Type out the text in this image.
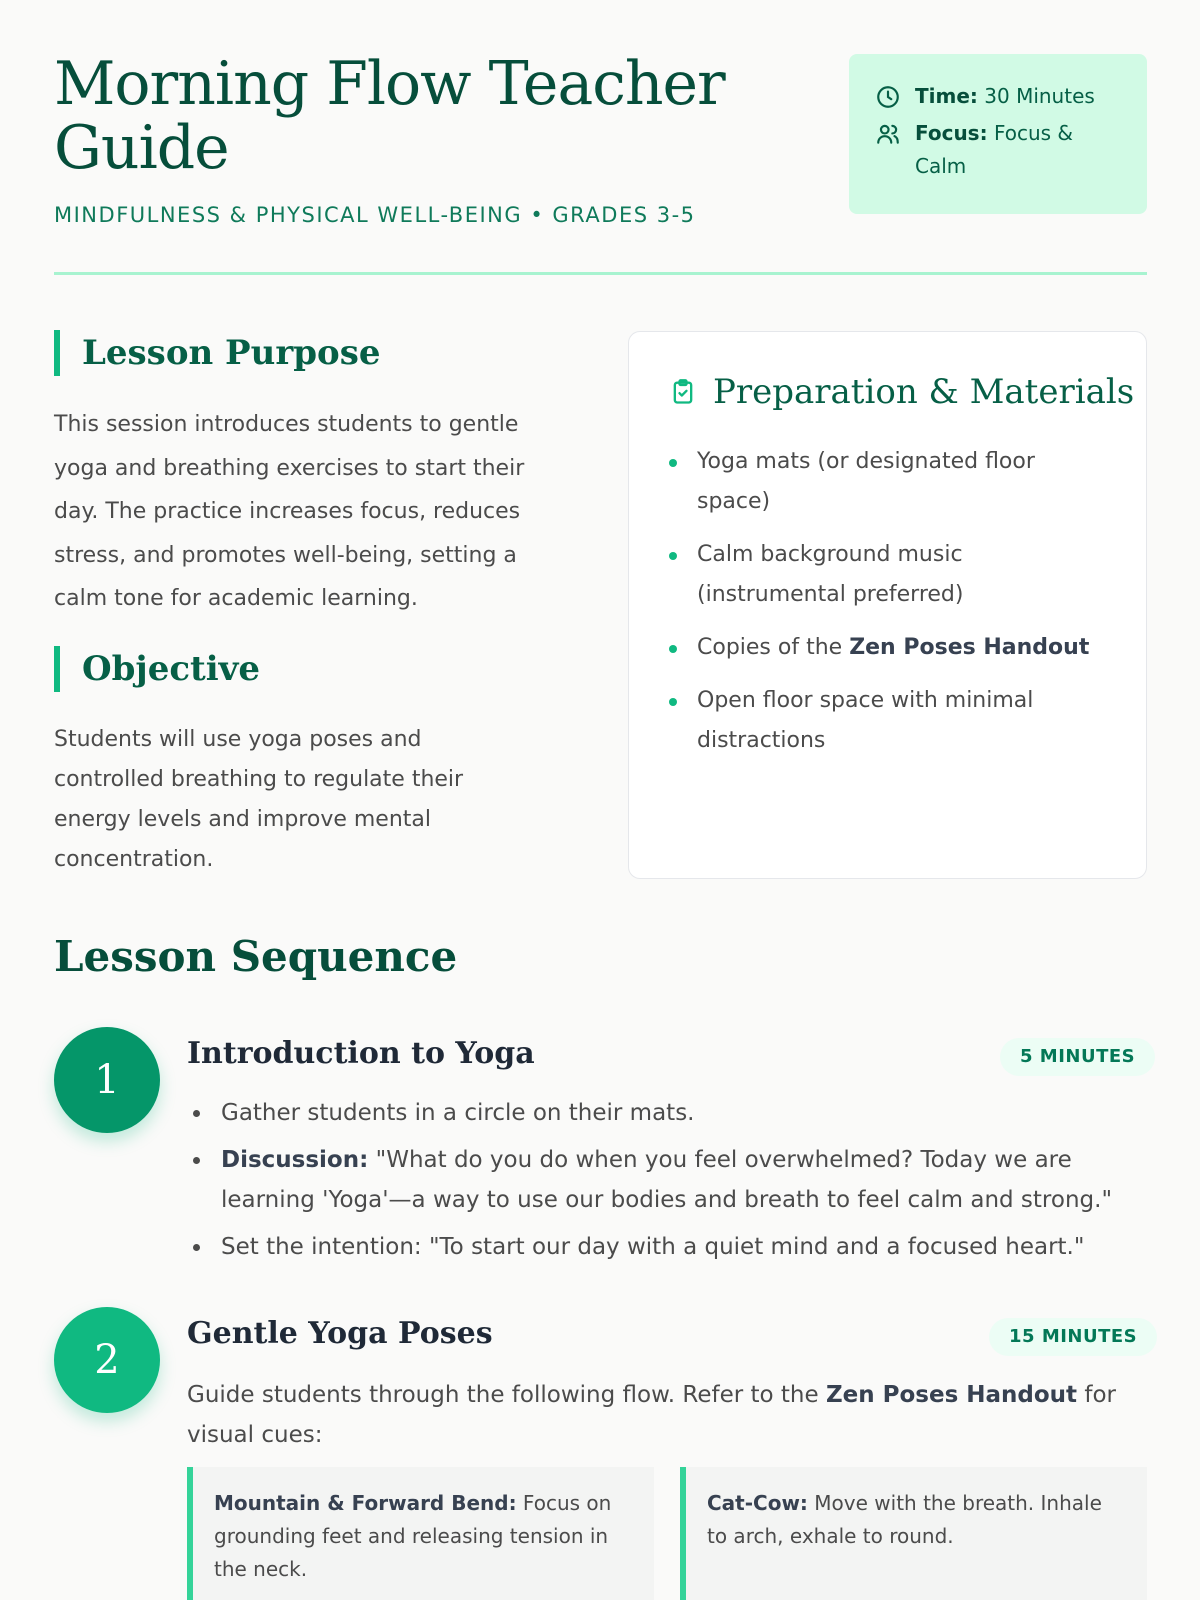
Morning Flow Teacher Guide
MINDFULNESS & PHYSICAL WELL-BEING • GRADES 3-5
Time: 30 Minutes
Focus: Focus & Calm
Lesson Purpose

This session introduces students to gentle yoga and breathing exercises to start their day. The practice increases focus, reduces stress, and promotes well-being, setting a calm tone for academic learning.

Objective

Students will use yoga poses and controlled breathing to regulate their energy levels and improve mental concentration.

Preparation & Materials
Yoga mats (or designated floor space)
Calm background music (instrumental preferred)
Copies of the Zen Poses Handout
Open floor space with minimal distractions
Lesson Sequence
1
Introduction to Yoga	5 MINUTES
Gather students in a circle on their mats.
Discussion: "What do you do when you feel overwhelmed? Today we are learning 'Yoga'—a way to use our bodies and breath to feel calm and strong."
Set the intention: "To start our day with a quiet mind and a focused heart."
2
Gentle Yoga Poses	15 MINUTES

Guide students through the following flow. Refer to the Zen Poses Handout for visual cues:

Mountain & Forward Bend: Focus on grounding feet and releasing tension in the neck.
Cat-Cow: Move with the breath. Inhale to arch, exhale to round.
